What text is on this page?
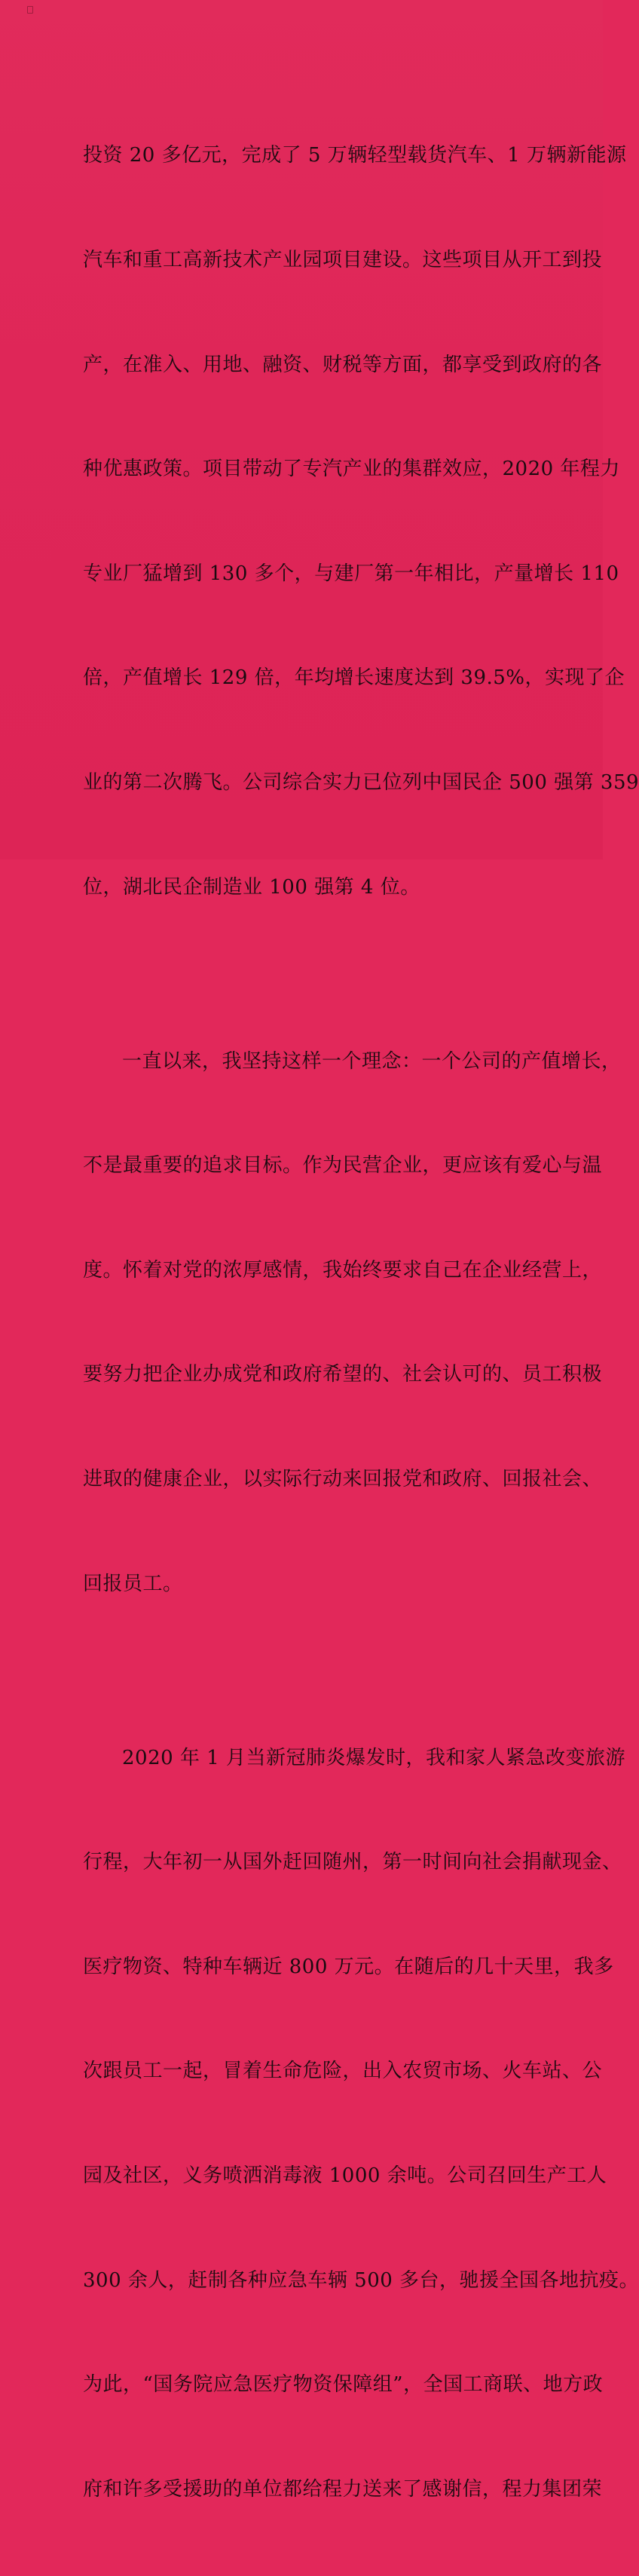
投资 20 多亿元，完成了 5 万辆轻型载货汽车、1 万辆新能源

汽车和重工高新技术产业园项目建设。这些项目从开工到投

产，在准入、用地、融资、财税等方面，都享受到政府的各

种优惠政策。项目带动了专汽产业的集群效应，2020 年程力

专业厂猛增到 130 多个，与建厂第一年相比，产量增长 110

倍，产值增长 129 倍，年均增长速度达到 39.5%，实现了企

业的第二次腾飞。公司综合实力已位列中国民企 500 强第 359

位，湖北民企制造业 100 强第 4 位。

一直以来，我坚持这样一个理念：一个公司的产值增长，

不是最重要的追求目标。作为民营企业，更应该有爱心与温

度。怀着对党的浓厚感情，我始终要求自己在企业经营上，

要努力把企业办成党和政府希望的、社会认可的、员工积极

进取的健康企业，以实际行动来回报党和政府、回报社会、

回报员工。

2020 年 1 月当新冠肺炎爆发时，我和家人紧急改变旅游

行程，大年初一从国外赶回随州，第一时间向社会捐献现金、

医疗物资、特种车辆近 800 万元。在随后的几十天里，我多

次跟员工一起，冒着生命危险，出入农贸市场、火车站、公

园及社区，义务喷洒消毒液 1000 余吨。公司召回生产工人

300 余人，赶制各种应急车辆 500 多台，驰援全国各地抗疫。

为此，“国务院应急医疗物资保障组”，全国工商联、地方政

府和许多受援助的单位都给程力送来了感谢信，程力集团荣
